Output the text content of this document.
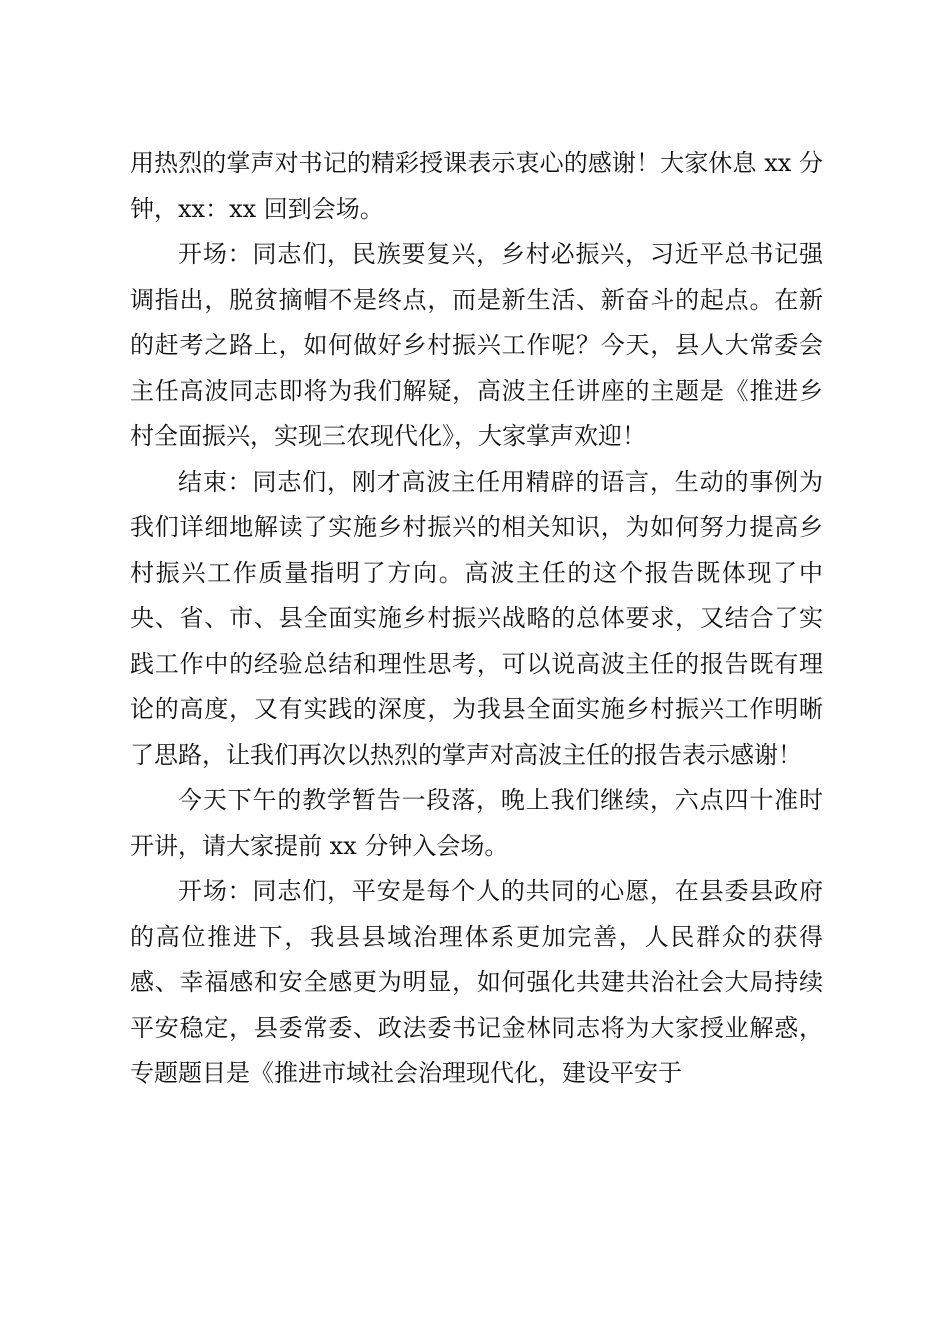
用热烈的掌声对书记的精彩授课表示衷心的感谢！大家休息 xx 分钟，xx：xx 回到会场。

开场：同志们，民族要复兴，乡村必振兴，习近平总书记强调指出，脱贫摘帽不是终点，而是新生活、新奋斗的起点。在新的赶考之路上，如何做好乡村振兴工作呢？今天，县人大常委会主任高波同志即将为我们解疑，高波主任讲座的主题是《推进乡村全面振兴，实现三农现代化》，大家掌声欢迎！

结束：同志们，刚才高波主任用精辟的语言，生动的事例为我们详细地解读了实施乡村振兴的相关知识，为如何努力提高乡村振兴工作质量指明了方向。高波主任的这个报告既体现了中央、省、市、县全面实施乡村振兴战略的总体要求，又结合了实践工作中的经验总结和理性思考，可以说高波主任的报告既有理论的高度，又有实践的深度，为我县全面实施乡村振兴工作明晰了思路，让我们再次以热烈的掌声对高波主任的报告表示感谢！

今天下午的教学暂告一段落，晚上我们继续，六点四十准时开讲，请大家提前 xx 分钟入会场。

开场：同志们，平安是每个人的共同的心愿，在县委县政府的高位推进下，我县县域治理体系更加完善，人民群众的获得感、幸福感和安全感更为明显，如何强化共建共治社会大局持续平安稳定，县委常委、政法委书记金林同志将为大家授业解惑，专题题目是《推进市域社会治理现代化，建设平安于
